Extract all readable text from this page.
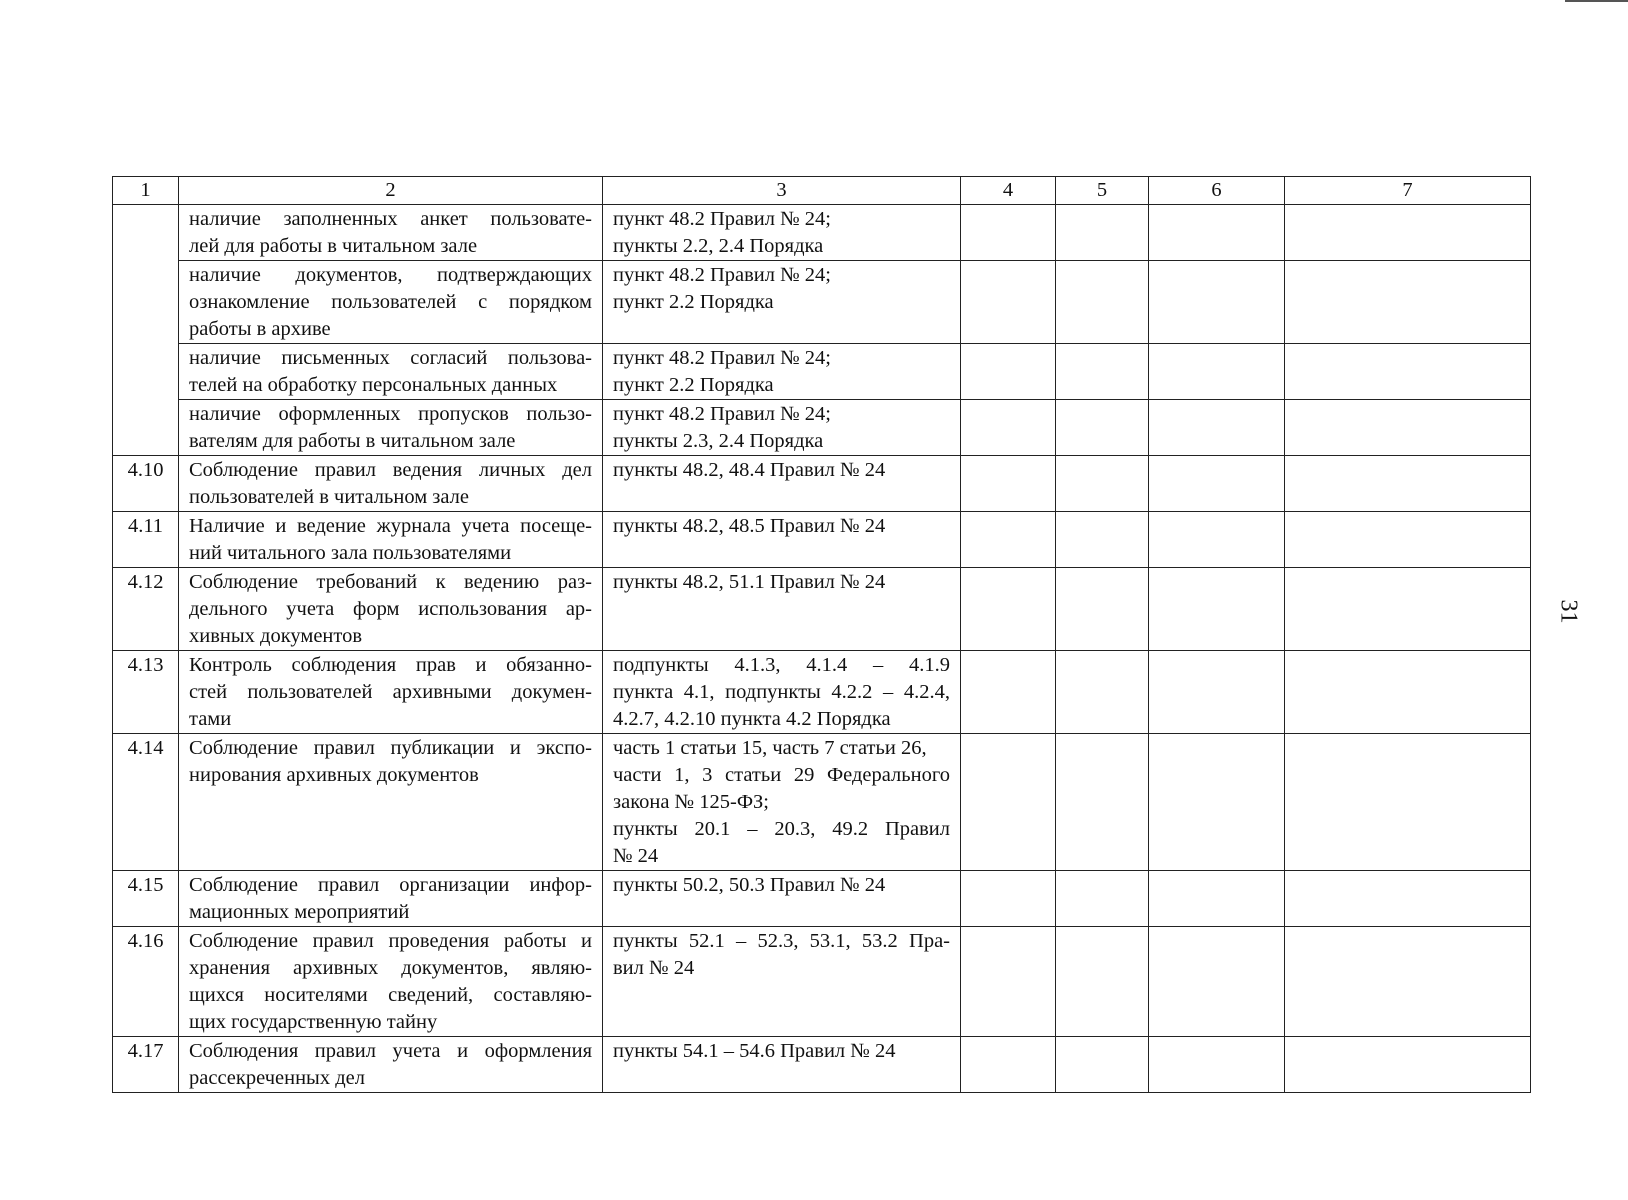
31
1	2	3	4	5	6	7

	наличие заполненных анкет пользовате-
лей для работы в читальном зале	пункт 48.2 Правил № 24;
пункты 2.2, 2.4 Порядка				

	наличие документов, подтверждающих
ознакомление пользователей с порядком
работы в архиве	пункт 48.2 Правил № 24;
пункт 2.2 Порядка				

	наличие письменных согласий пользова-
телей на обработку персональных данных	пункт 48.2 Правил № 24;
пункт 2.2 Порядка				

	наличие оформленных пропусков пользо-
вателям для работы в читальном зале	пункт 48.2 Правил № 24;
пункты 2.3, 2.4 Порядка				

4.10	Соблюдение правил ведения личных дел
пользователей в читальном зале	пункты 48.2, 48.4 Правил № 24				

4.11	Наличие и ведение журнала учета посеще-
ний читального зала пользователями	пункты 48.2, 48.5 Правил № 24				

4.12	Соблюдение требований к ведению раз-
дельного учета форм использования ар-
хивных документов	пункты 48.2, 51.1 Правил № 24				

4.13	Контроль соблюдения прав и обязанно-
стей пользователей архивными докумен-
тами	подпункты 4.1.3, 4.1.4 – 4.1.9
пункта 4.1, подпункты 4.2.2 – 4.2.4,
4.2.7, 4.2.10 пункта 4.2 Порядка				

4.14	Соблюдение правил публикации и экспо-
нирования архивных документов	часть 1 статьи 15, часть 7 статьи 26,
части 1, 3 статьи 29 Федерального
закона № 125-ФЗ;
пункты 20.1 – 20.3, 49.2 Правил
№ 24				

4.15	Соблюдение правил организации инфор-
мационных мероприятий	пункты 50.2, 50.3 Правил № 24				

4.16	Соблюдение правил проведения работы и
хранения архивных документов, являю-
щихся носителями сведений, составляю-
щих государственную тайну	пункты 52.1 – 52.3, 53.1, 53.2 Пра-
вил № 24				

4.17	Соблюдения правил учета и оформления
рассекреченных дел	пункты 54.1 – 54.6 Правил № 24				
